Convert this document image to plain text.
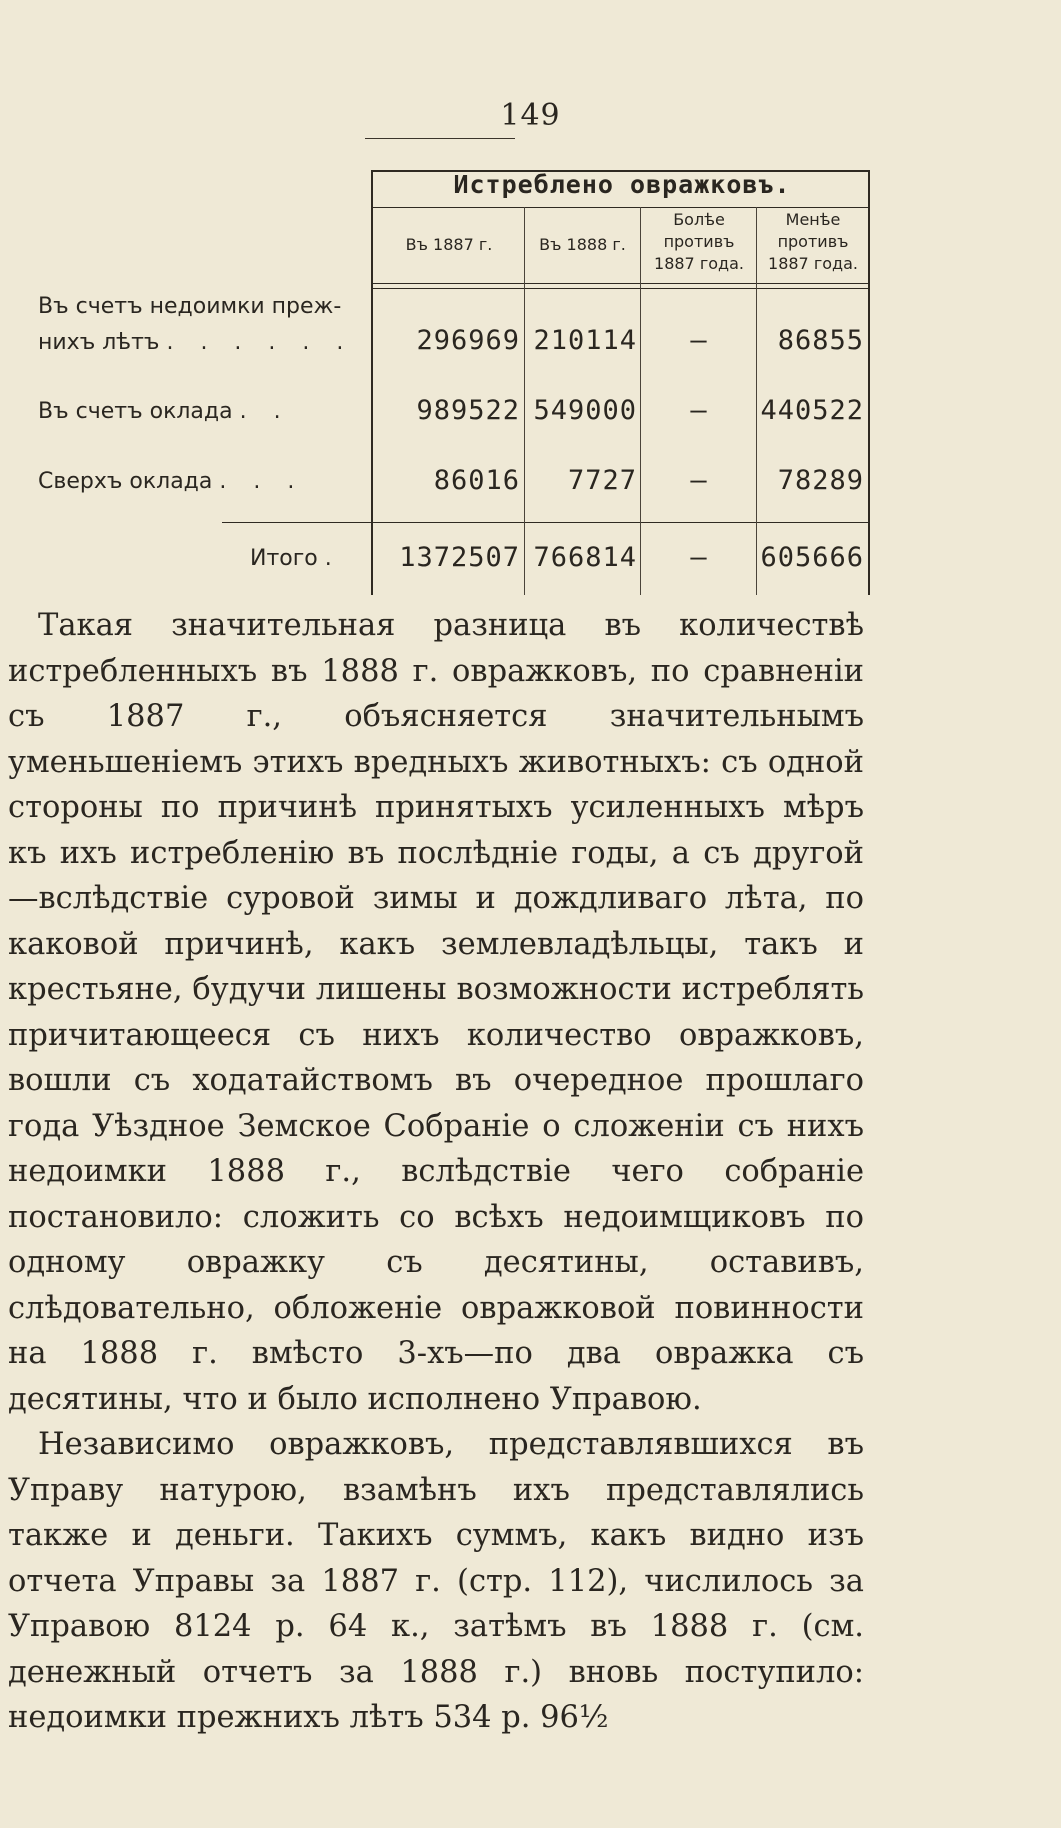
149
Истреблено овражковъ.
Въ 1887 г.	Въ 1888 г.
Болѣе противъ 1887 года.
Менѣе противъ 1887 года.
Въ счетъ недоимки преж-
нихъ лѣтъ . . . . . .	296969 210114	—	86855
Въ счетъ оклада . .	989522 549000	—	440522
Сверхъ оклада . . .	86016	7727	—	78289
Итого .	1372507 766814	—	605666

Такая значительная разница въ количествѣ истребленныхъ въ 1888 г. овражковъ, по сравненіи съ 1887 г., объясняется значительнымъ уменьшеніемъ этихъ вредныхъ животныхъ: съ одной стороны по причинѣ принятыхъ усиленныхъ мѣръ къ ихъ истребленію въ послѣдніе годы, а съ другой—вслѣдствіе суровой зимы и дождливаго лѣта, по каковой причинѣ, какъ землевладѣльцы, такъ и крестьяне, будучи лишены возможности истреблять причитающееся съ нихъ количество овражковъ, вошли съ ходатайствомъ въ очередное прошлаго года Уѣздное Земское Собраніе о сложеніи съ нихъ недоимки 1888 г., вслѣдствіе чего собраніе постановило: сложить со всѣхъ недоимщиковъ по одному овражку съ десятины, оставивъ, слѣдовательно, обложеніе овражковой повинности на 1888 г. вмѣсто 3-хъ—по два овражка съ десятины, что и было исполнено Управою.

Независимо овражковъ, представлявшихся въ Управу натурою, взамѣнъ ихъ представлялись также и деньги. Такихъ суммъ, какъ видно изъ отчета Управы за 1887 г. (стр. 112), числилось за Управою 8124 р. 64 к., затѣмъ въ 1888 г. (см. денежный отчетъ за 1888 г.) вновь поступило: недоимки прежнихъ лѣтъ 534 р. 96½
